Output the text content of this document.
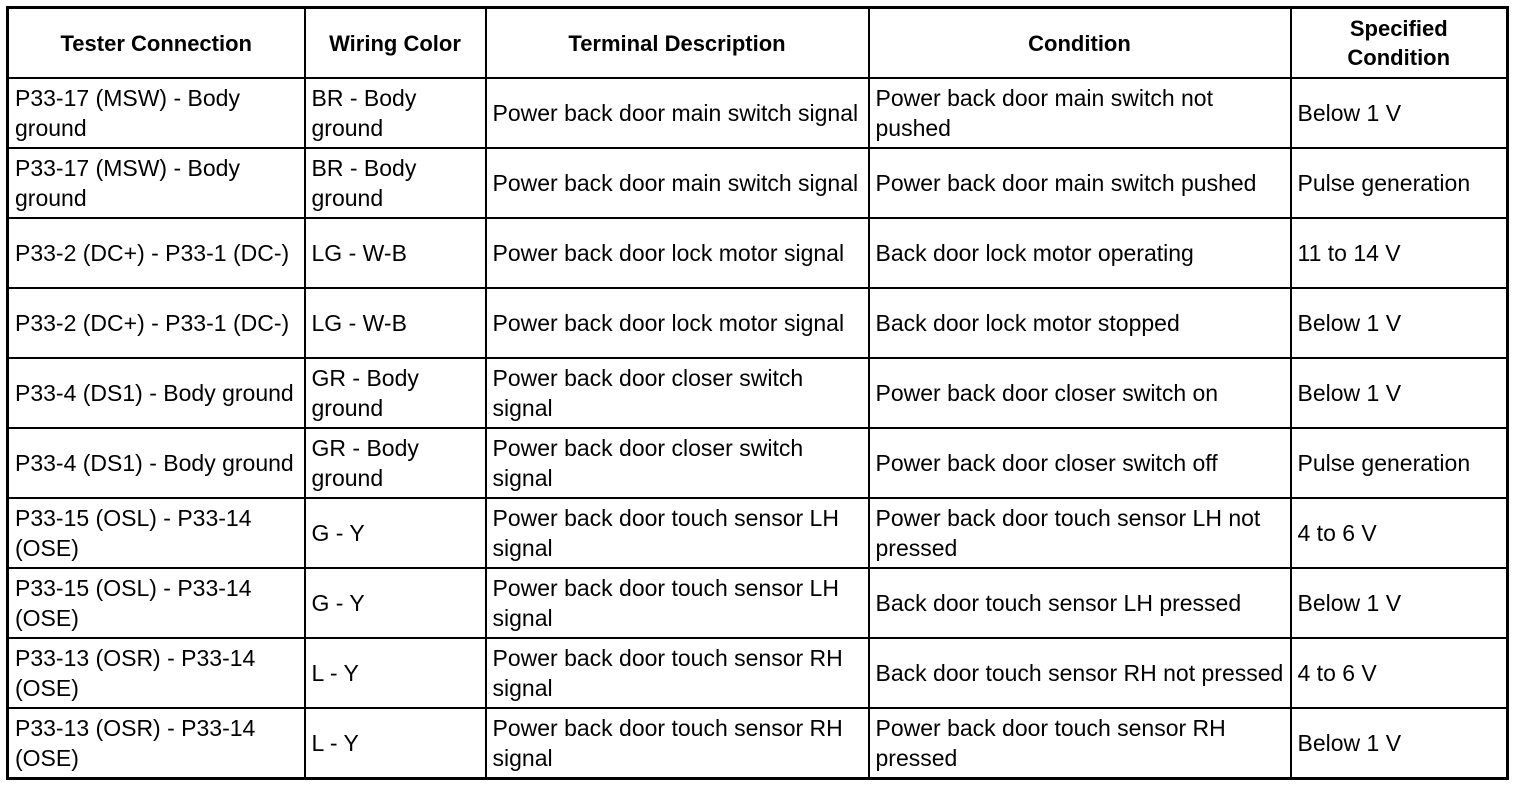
Tester Connection	Wiring Color	Terminal Description	Condition	Specified Condition
P33-17 (MSW) - Body ground	BR - Body ground	Power back door main switch signal	Power back door main switch not pushed	Below 1 V
P33-17 (MSW) - Body ground	BR - Body ground	Power back door main switch signal	Power back door main switch pushed	Pulse generation
P33-2 (DC+) - P33-1 (DC-)	LG - W-B	Power back door lock motor signal	Back door lock motor operating	11 to 14 V
P33-2 (DC+) - P33-1 (DC-)	LG - W-B	Power back door lock motor signal	Back door lock motor stopped	Below 1 V
P33-4 (DS1) - Body ground	GR - Body ground	Power back door closer switch signal	Power back door closer switch on	Below 1 V
P33-4 (DS1) - Body ground	GR - Body ground	Power back door closer switch signal	Power back door closer switch off	Pulse generation
P33-15 (OSL) - P33-14 (OSE)	G - Y	Power back door touch sensor LH signal	Power back door touch sensor LH not pressed	4 to 6 V
P33-15 (OSL) - P33-14 (OSE)	G - Y	Power back door touch sensor LH signal	Back door touch sensor LH pressed	Below 1 V
P33-13 (OSR) - P33-14 (OSE)	L - Y	Power back door touch sensor RH signal	Back door touch sensor RH not pressed	4 to 6 V
P33-13 (OSR) - P33-14 (OSE)	L - Y	Power back door touch sensor RH signal	Power back door touch sensor RH pressed	Below 1 V
